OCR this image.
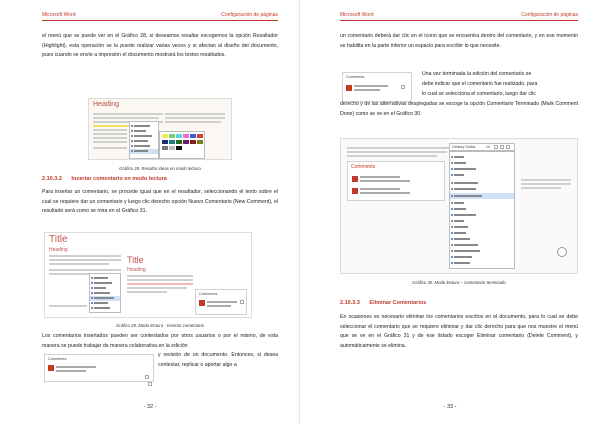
Microsoft Word	Configuración de páginas
el menú que se puede ver en el Gráfico 28, si deseamos resaltar escogemos la opción Resaltador (Highlight), esta operación se la puede realizar varias veces y si afectan al diseño del documento, pues cuando se envíe a impresión el documento mostrará los textos resaltados.
Heading
Gráfico 28. Resaltar ideas en modo lectura
2.10.3.2 Insertar comentario en modo lectura
Para insertar un comentario, se procede igual que en el resaltador, seleccionando el texto sobre el cual se requiere dar un comentario y luego clic derecho opción Nuevo Comentario (New Comment), el resultado será como se mira en el Gráfico 31.
Title
Heading
Title
Heading
Comments
Gráfico 29. Modo lectura - Insertar comentario
Los comentarios insertados pueden ser contestados por otros usuarios o por el mismo, de esta manera se puede trabajar de manera colaborativa en la edición
y revisión de un documento. Entonces, si desea contestar, replicar o aportar algo a
Comments
- 32 -
Microsoft Word	Configuración de páginas
un comentario deberá dar clic en el ícono que se encuentra dentro del comentario, y en ese momento se habilita en la parte inferior un espacio para escribir lo que necesite.
Comments	Una vez terminada la edición del comentario se
debe indicar que el comentario fue realizado, para
lo cual se selecciona el comentario, luego dar clic
derecho y de las alternativas desplegadas se escoge la opción Comentario Terminado (Mark Comment Done) como se ve en el Gráfico 30.
Comments
Century Gothic	10
Gráfico 30. Modo lectura – comentario terminado
2.10.3.3 Eliminar Comentarios
En ocasiones es necesario eliminar los comentarios escritos en el documento, para lo cual se debe seleccionar el comentario que se requiere eliminar y dar clic derecho para que nos muestre el menú que se ve en el Gráfico 31 y de ese listado escoger Eliminar comentario (Delete Comment), y automáticamente se elimina.
- 33 -
